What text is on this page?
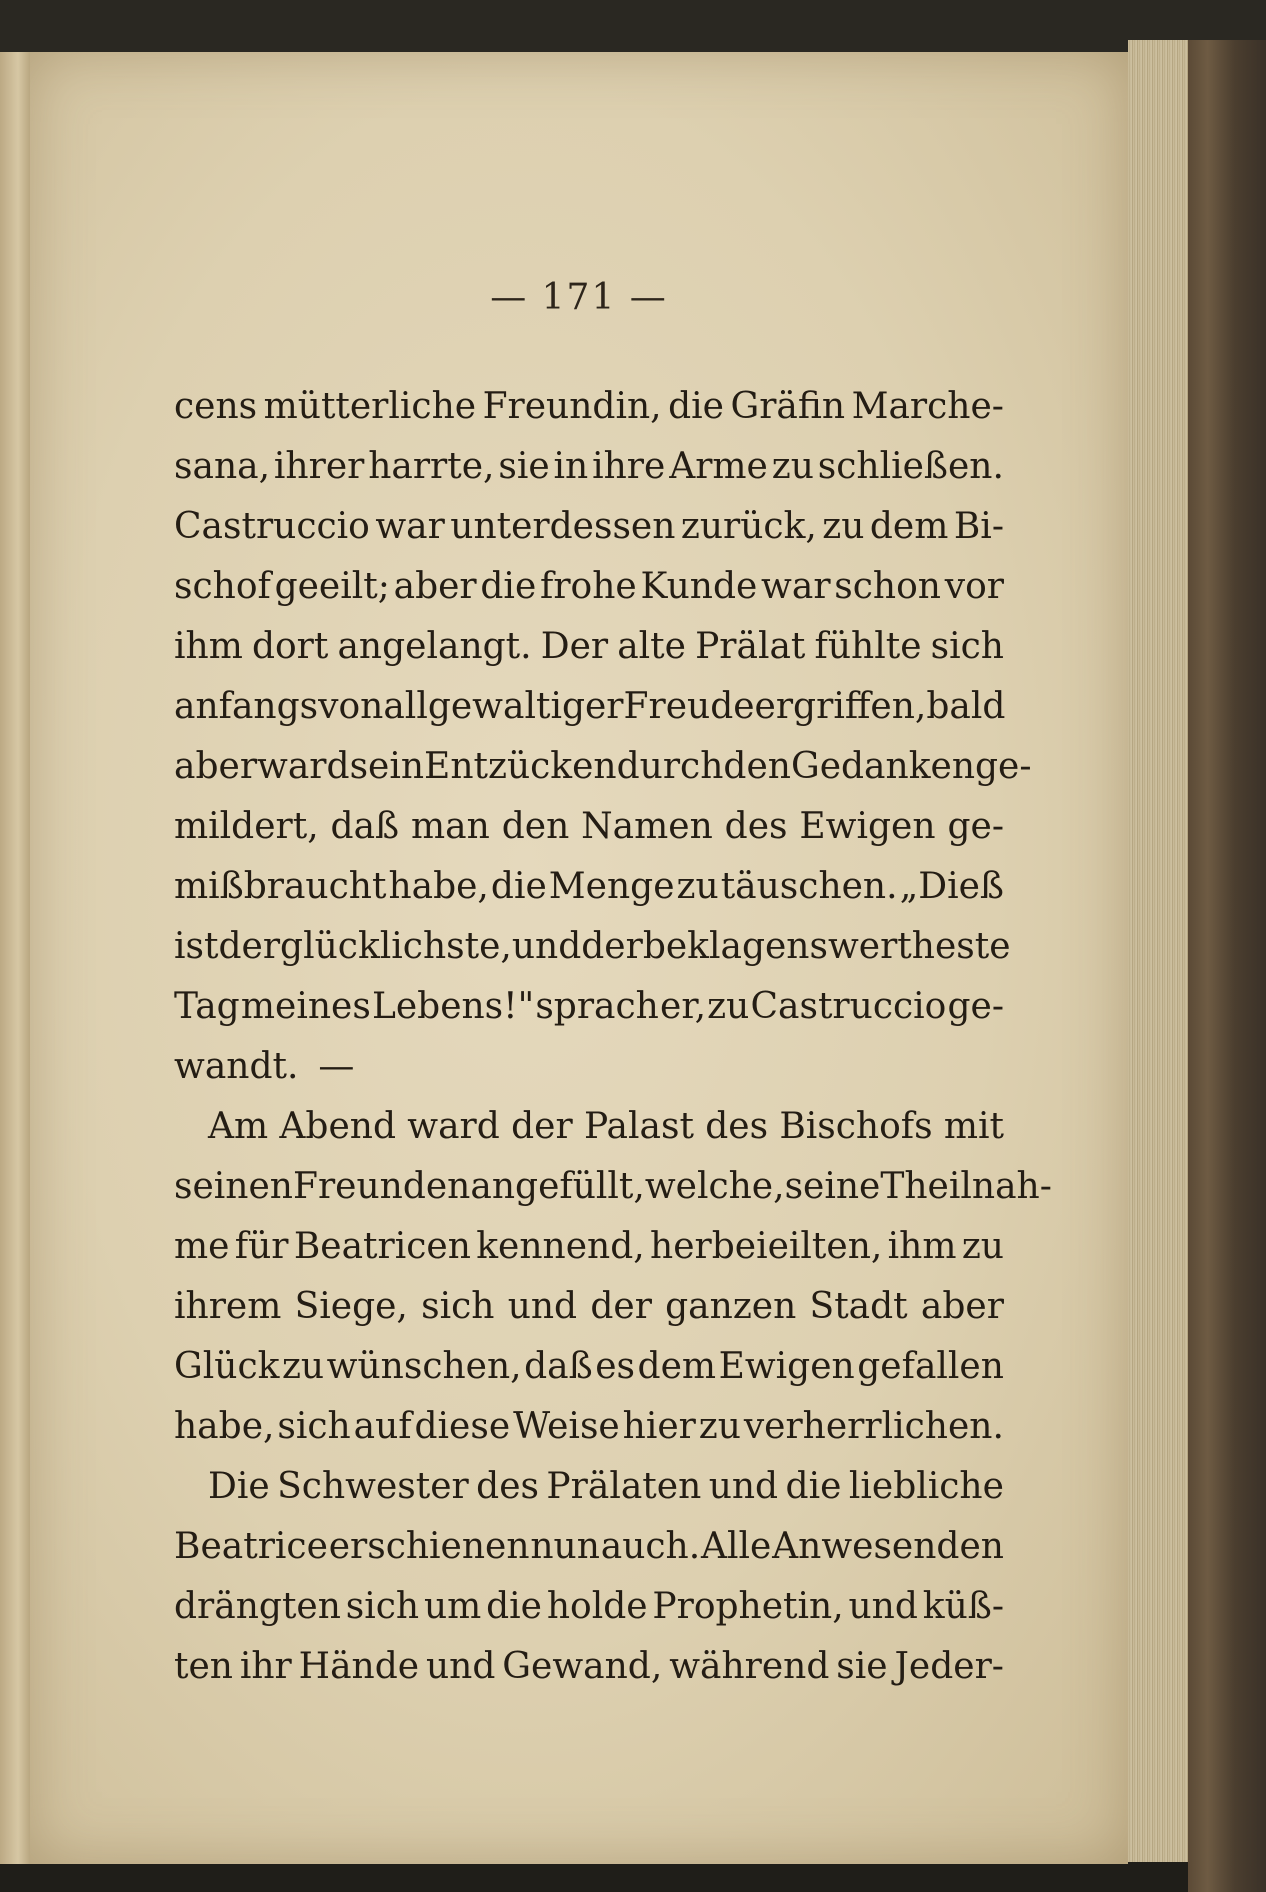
— 171 —
cens mütterliche Freundin, die Gräfin Marche-
sana, ihrer harrte, sie in ihre Arme zu schließen.
Castruccio war unterdessen zurück, zu dem Bi-
schof geeilt; aber die frohe Kunde war schon vor
ihm dort angelangt. Der alte Prälat fühlte sich
anfangs von allgewaltiger Freude ergriffen, bald
aber ward sein Entzücken durch den Gedanken ge-
mildert, daß man den Namen des Ewigen ge-
mißbraucht habe, die Menge zu täuschen. „Dieß
ist der glücklichste, und der beklagenswertheste
Tag meines Lebens!" sprach er, zu Castruccio ge-
wandt. —
Am Abend ward der Palast des Bischofs mit
seinen Freunden angefüllt, welche, seine Theilnah-
me für Beatricen kennend, herbeieilten, ihm zu
ihrem Siege, sich und der ganzen Stadt aber
Glück zu wünschen, daß es dem Ewigen gefallen
habe, sich auf diese Weise hier zu verherrlichen.
Die Schwester des Prälaten und die liebliche
Beatrice erschienen nun auch. Alle Anwesenden
drängten sich um die holde Prophetin, und küß-
ten ihr Hände und Gewand, während sie Jeder-
